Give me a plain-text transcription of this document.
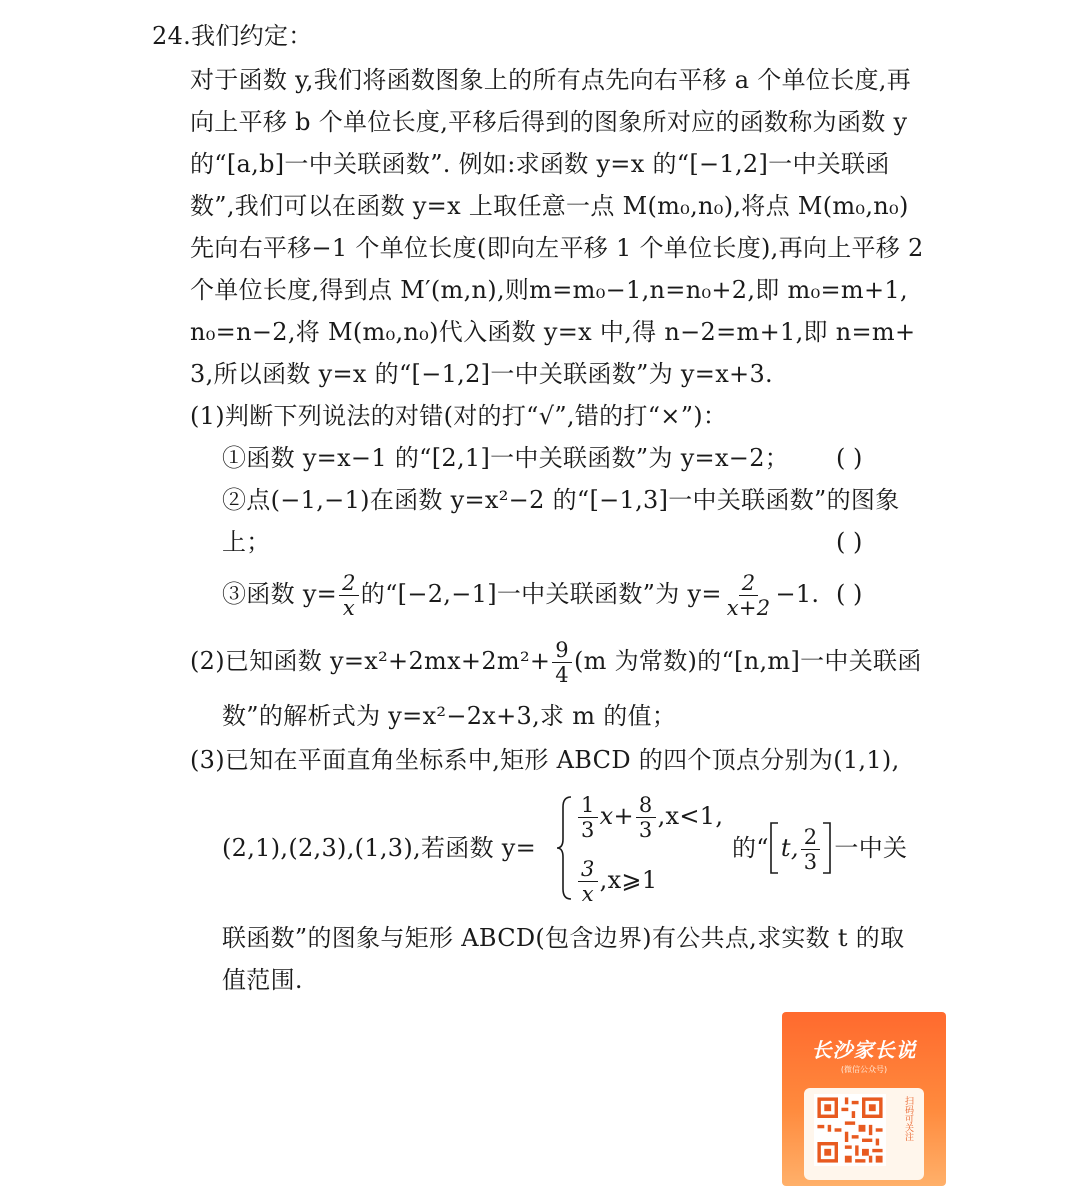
24.我们约定：
对于函数 y,我们将函数图象上的所有点先向右平移 a 个单位长度,再
向上平移 b 个单位长度,平移后得到的图象所对应的函数称为函数 y
的“[a,b]一中关联函数”. 例如:求函数 y=x 的“[−1,2]一中关联函
数”,我们可以在函数 y=x 上取任意一点 M(m₀,n₀),将点 M(m₀,n₀)
先向右平移−1 个单位长度(即向左平移 1 个单位长度),再向上平移 2
个单位长度,得到点 M′(m,n),则m=m₀−1,n=n₀+2,即 m₀=m+1,
n₀=n−2,将 M(m₀,n₀)代入函数 y=x 中,得 n−2=m+1,即 n=m+
3,所以函数 y=x 的“[−1,2]一中关联函数”为 y=x+3.
(1)判断下列说法的对错(对的打“√”,错的打“×”)：
①函数 y=x−1 的“[2,1]一中关联函数”为 y=x−2； ( )
②点(−1,−1)在函数 y=x²−2 的“[−1,3]一中关联函数”的图象
上；	( )
③函数 $y= \frac{2}{x}$ 的“[−2,−1]一中关联函数”为 $y= \frac{2}{x+2} -1$. ( )
(2)已知函数 $y=x^2+2mx+2m^2+ \frac{9}{4} (m$ 为常数)的“[n,m]一中关联函
数”的解析式为 y=x²−2x+3,求 m 的值；
(3)已知在平面直角坐标系中,矩形 ABCD 的四个顶点分别为(1,1),
(2,1),(2,3),(1,3),若函数 y=
$\frac{1}{3} x+ \frac{8}{3} ,x<1$,
$\frac{3}{x}$ ,x⩾1
的“ t, $\frac{2}{3}$ 一中关
联函数”的图象与矩形 ABCD(包含边界)有公共点,求实数 t 的取
值范围.
长沙家长说
(微信公众号)
扫码可关注
